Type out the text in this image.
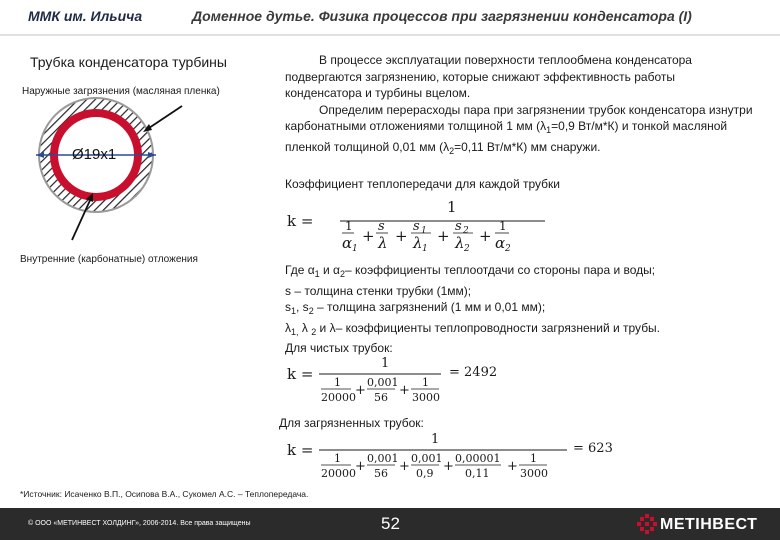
ММК им. Ильича	Доменное дутье. Физика процессов при загрязнении конденсатора (I)
Трубка конденсатора турбины
Наружные загрязнения (масляная пленка)
Ø19x1
Внутренние (карбонатные) отложения
В процессе эксплуатации поверхности теплообмена конденсатора подвергаются загрязнению, которые снижают эффективность работы конденсатора и турбины вцелом.
Определим перерасходы пара при загрязнении трубок конденсатора изнутри карбонатными отложениями толщиной 1 мм ($\lambda_1=0,9$ Вт/м*К) и тонкой масляной пленкой толщиной 0,01 мм ($\lambda_2=0,11$ Вт/м*К) мм снаружи.
Коэффициент теплопередачи для каждой трубки
k =
1
1
α 1
+
s
λ +
s 1
λ 1
+
s 2
λ 2
+
1
α 2
Где $\alpha_1$ и $\alpha_2-$ коэффициенты теплоотдачи со стороны пара и воды;
s – толщина стенки трубки (1мм);
$s_1$, $s_2$ – толщина загрязнений (1 мм и 0,01 мм);
$\lambda_{1,}$ λ $_2$ и λ– коэффициенты теплопроводности загрязнений и трубы.
Для чистых трубок:
k =
1
1
20000 +
0,001
56 +
1
3000
= 2492
Для загрязненных трубок:
k =
1
1
20000 +
0,001
56 +
0,001
0,9 +
0,00001
0,11 +
1
3000
= 623
*Источник: Исаченко В.П., Осипова В.А., Сукомел А.С. – Теплопередача.
© ООО «МЕТИНВЕСТ ХОЛДИНГ», 2006-2014. Все права защищены	52	МЕТІНВЕСТ
